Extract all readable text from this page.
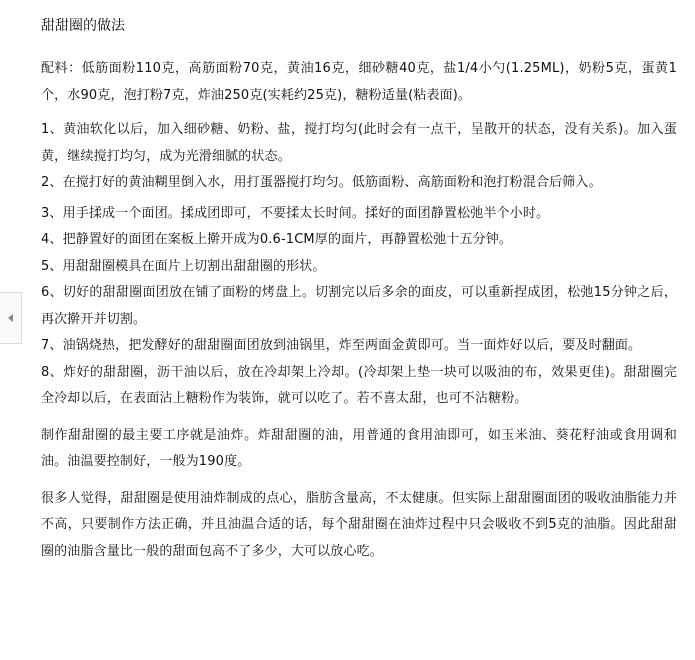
甜甜圈的做法

配料：低筋面粉110克，高筋面粉70克，黄油16克，细砂糖40克，盐1/4小勺(1.25ML)，奶粉5克，蛋黄1个，水90克，泡打粉7克，炸油250克(实耗约25克)，糖粉适量(粘表面)。

1、黄油软化以后，加入细砂糖、奶粉、盐，搅打均匀(此时会有一点干，呈散开的状态，没有关系)。加入蛋黄，继续搅打均匀，成为光滑细腻的状态。

2、在搅打好的黄油糊里倒入水，用打蛋器搅打均匀。低筋面粉、高筋面粉和泡打粉混合后筛入。

3、用手揉成一个面团。揉成团即可，不要揉太长时间。揉好的面团静置松弛半个小时。

4、把静置好的面团在案板上擀开成为0.6-1CM厚的面片，再静置松弛十五分钟。

5、用甜甜圈模具在面片上切割出甜甜圈的形状。

6、切好的甜甜圈面团放在铺了面粉的烤盘上。切割完以后多余的面皮，可以重新捏成团，松弛15分钟之后，再次擀开并切割。

7、油锅烧热，把发酵好的甜甜圈面团放到油锅里，炸至两面金黄即可。当一面炸好以后，要及时翻面。

8、炸好的甜甜圈，沥干油以后，放在冷却架上冷却。(冷却架上垫一块可以吸油的布，效果更佳)。甜甜圈完全冷却以后，在表面沾上糖粉作为装饰，就可以吃了。若不喜太甜，也可不沾糖粉。

制作甜甜圈的最主要工序就是油炸。炸甜甜圈的油，用普通的食用油即可，如玉米油、葵花籽油或食用调和油。油温要控制好，一般为190度。

很多人觉得，甜甜圈是使用油炸制成的点心，脂肪含量高，不太健康。但实际上甜甜圈面团的吸收油脂能力并不高，只要制作方法正确，并且油温合适的话，每个甜甜圈在油炸过程中只会吸收不到5克的油脂。因此甜甜圈的油脂含量比一般的甜面包高不了多少，大可以放心吃。
